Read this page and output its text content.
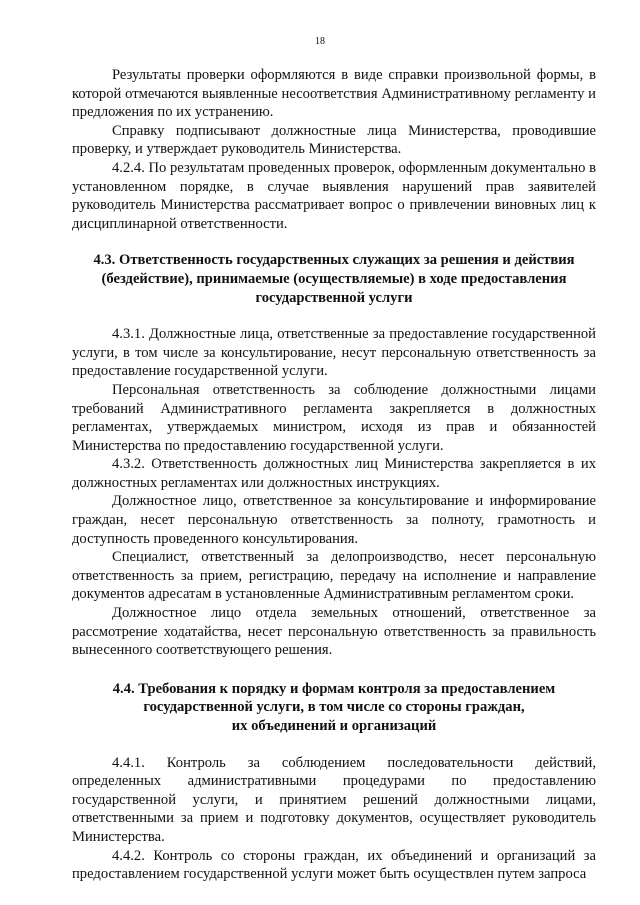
18

Результаты проверки оформляются в виде справки произвольной формы, в которой отмечаются выявленные несоответствия Административному регламенту и предложения по их устранению.

Справку подписывают должностные лица Министерства, проводившие проверку, и утверждает руководитель Министерства.

4.2.4. По результатам проведенных проверок, оформленным документально в установленном порядке, в случае выявления нарушений прав заявителей руководитель Министерства рассматривает вопрос о привлечении виновных лиц к дисциплинарной ответственности.

4.3. Ответственность государственных служащих за решения и действия
(бездействие), принимаемые (осуществляемые) в ходе предоставления
государственной услуги

4.3.1. Должностные лица, ответственные за предоставление государственной услуги, в том числе за консультирование, несут персональную ответственность за предоставление государственной услуги.

Персональная ответственность за соблюдение должностными лицами требований Административного регламента закрепляется в должностных регламентах, утверждаемых министром, исходя из прав и обязанностей Министерства по предоставлению государственной услуги.

4.3.2. Ответственность должностных лиц Министерства закрепляется в их должностных регламентах или должностных инструкциях.

Должностное лицо, ответственное за консультирование и информирование граждан, несет персональную ответственность за полноту, грамотность и доступность проведенного консультирования.

Специалист, ответственный за делопроизводство, несет персональную ответственность за прием, регистрацию, передачу на исполнение и направление документов адресатам в установленные Административным регламентом сроки.

Должностное лицо отдела земельных отношений, ответственное за рассмотрение ходатайства, несет персональную ответственность за правильность вынесенного соответствующего решения.

4.4. Требования к порядку и формам контроля за предоставлением
государственной услуги, в том числе со стороны граждан,
их объединений и организаций

4.4.1. Контроль за соблюдением последовательности действий, определенных административными процедурами по предоставлению государственной услуги, и принятием решений должностными лицами, ответственными за прием и подготовку документов, осуществляет руководитель Министерства.

4.4.2. Контроль со стороны граждан, их объединений и организаций за предоставлением государственной услуги может быть осуществлен путем запроса
